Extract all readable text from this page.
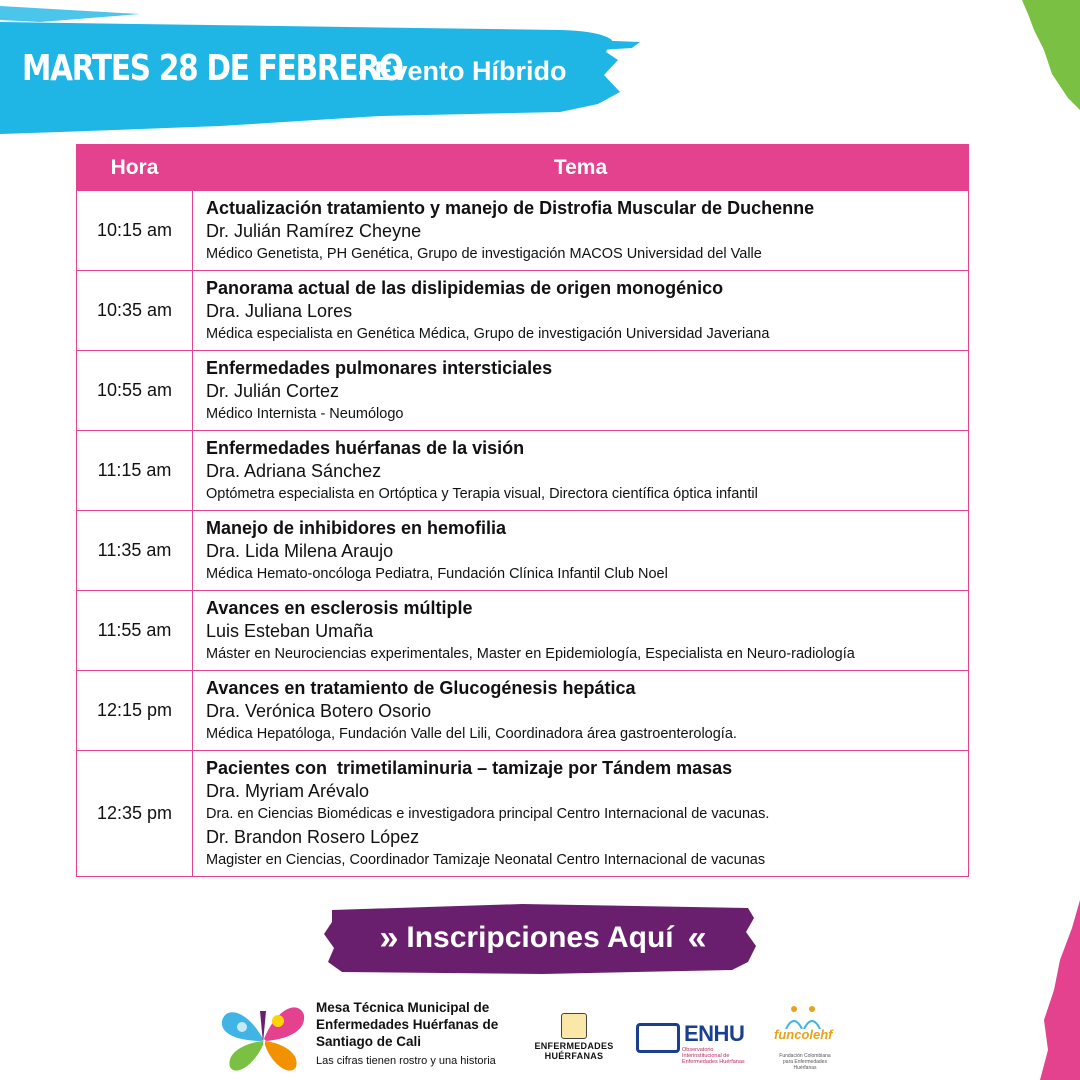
MARTES 28 DE FEBRERO
- Evento Híbrido
Hora	Tema
10:15 am	Actualización tratamiento y manejo de Distrofia Muscular de Duchenne
Dr. Julián Ramírez Cheyne
Médico Genetista, PH Genética, Grupo de investigación MACOS Universidad del Valle

10:35 am	Panorama actual de las dislipidemias de origen monogénico
Dra. Juliana Lores
Médica especialista en Genética Médica, Grupo de investigación Universidad Javeriana

10:55 am	Enfermedades pulmonares intersticiales
Dr. Julián Cortez
Médico Internista - Neumólogo

11:15 am	Enfermedades huérfanas de la visión
Dra. Adriana Sánchez
Optómetra especialista en Ortóptica y Terapia visual, Directora científica óptica infantil

11:35 am	Manejo de inhibidores en hemofilia
Dra. Lida Milena Araujo
Médica Hemato-oncóloga Pediatra, Fundación Clínica Infantil Club Noel

11:55 am	Avances en esclerosis múltiple
Luis Esteban Umaña
Máster en Neurociencias experimentales, Master en Epidemiología, Especialista en Neuro-radiología

12:15 pm	Avances en tratamiento de Glucogénesis hepática
Dra. Verónica Botero Osorio
Médica Hepatóloga, Fundación Valle del Lili, Coordinadora área gastroenterología.

12:35 pm	Pacientes con  trimetilaminuria – tamizaje por Tándem masas
Dra. Myriam Arévalo
Dra. en Ciencias Biomédicas e investigadora principal Centro Internacional de vacunas.
Dr. Brandon Rosero López
Magister en Ciencias, Coordinador Tamizaje Neonatal Centro Internacional de vacunas
» Inscripciones Aquí «
Mesa Técnica Municipal de
Enfermedades Huérfanas de
Santiago de Cali
Las cifras tienen rostro y una historia
ENFERMEDADES
HUÉRFANAS
ENHU
Observatorio Interinstitucional de Enfermedades Huérfanas
funcolehf
Fundación Colombiana para Enfermedades Huérfanas
